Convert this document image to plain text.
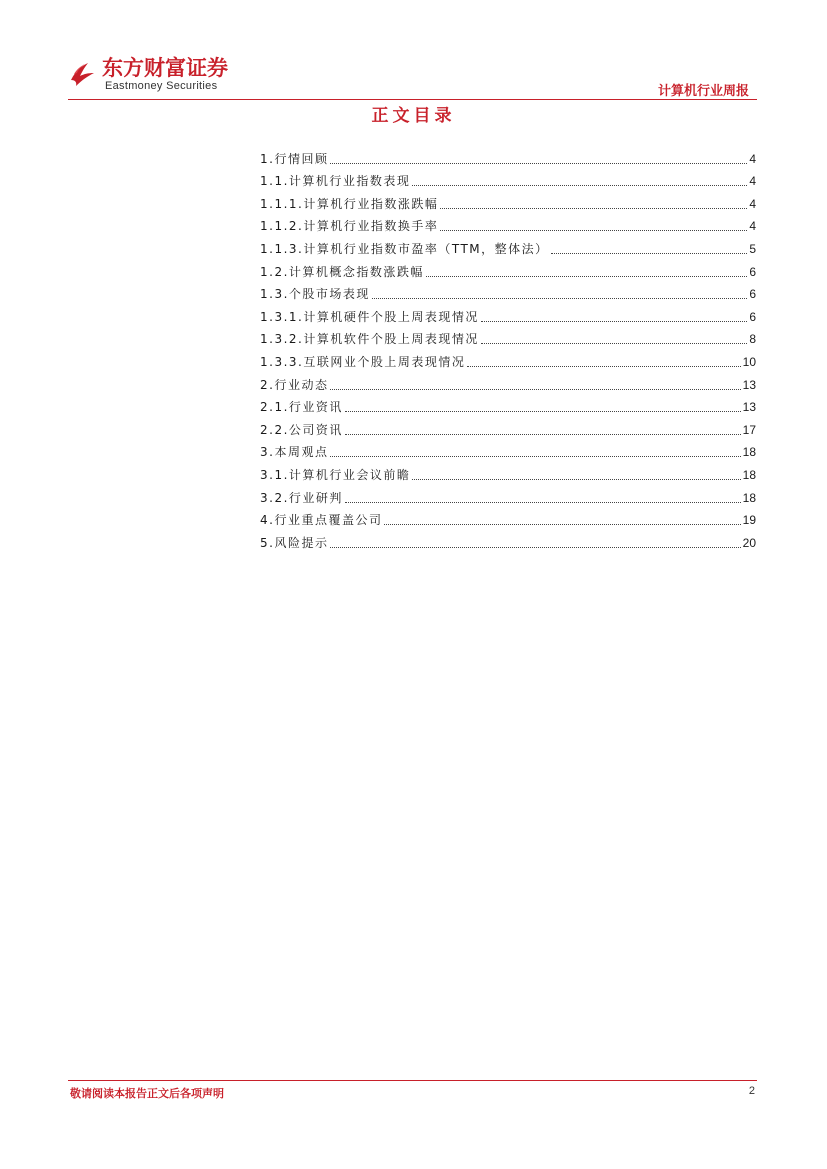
东方财富证券
Eastmoney Securities	计算机行业周报
正文目录
1.行情回顾	4
1.1.计算机行业指数表现	4
1.1.1.计算机行业指数涨跌幅	4
1.1.2.计算机行业指数换手率	4
1.1.3.计算机行业指数市盈率（TTM，整体法）	5
1.2.计算机概念指数涨跌幅	6
1.3.个股市场表现	6
1.3.1.计算机硬件个股上周表现情况	6
1.3.2.计算机软件个股上周表现情况	8
1.3.3.互联网业个股上周表现情况	10
2.行业动态	13
2.1.行业资讯	13
2.2.公司资讯	17
3.本周观点	18
3.1.计算机行业会议前瞻	18
3.2.行业研判	18
4.行业重点覆盖公司	19
5.风险提示	20
敬请阅读本报告正文后各项声明	2
